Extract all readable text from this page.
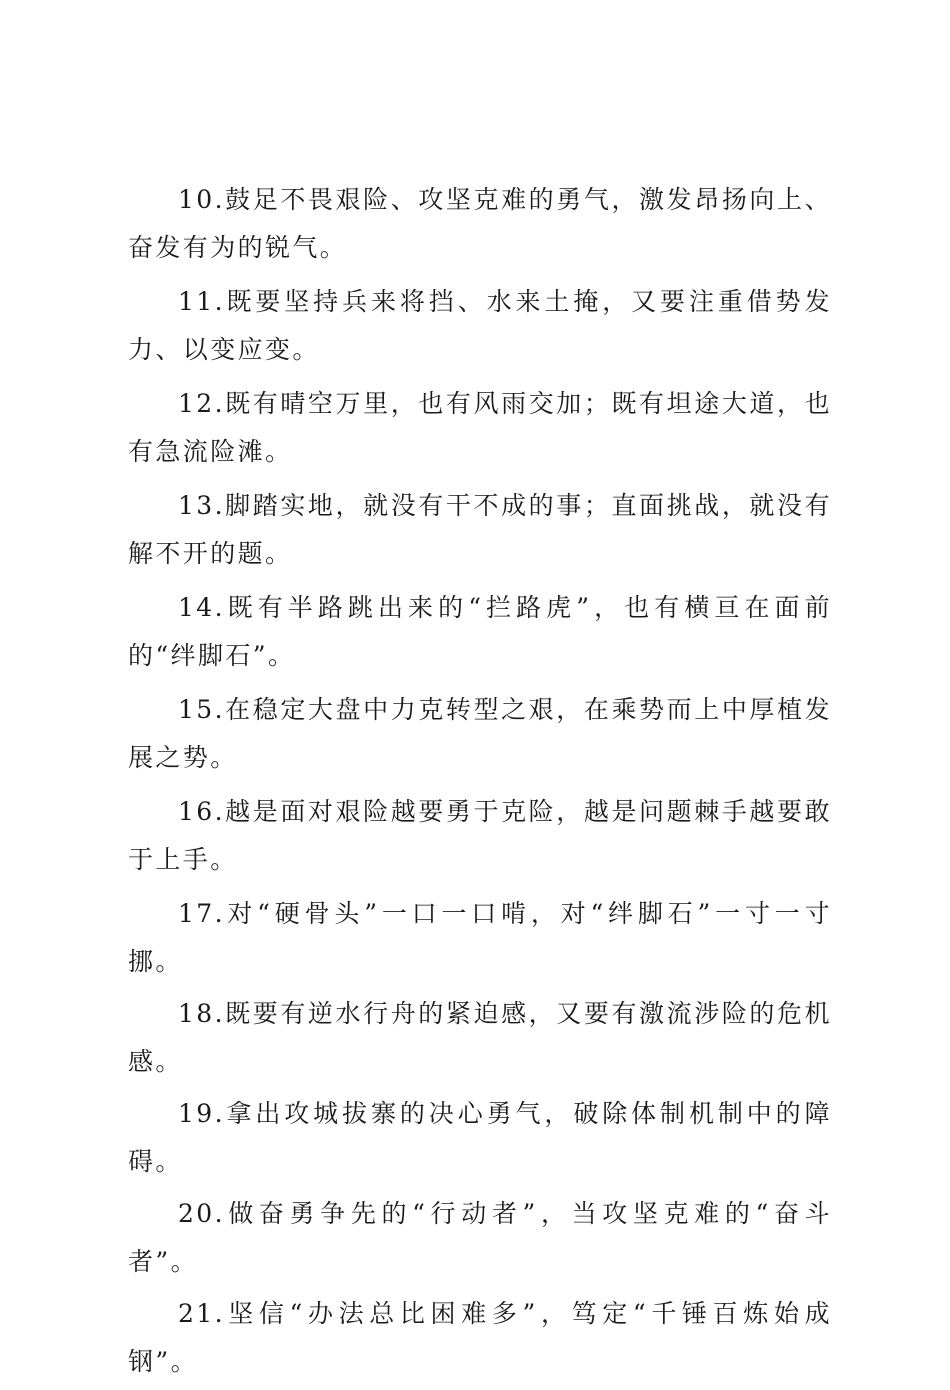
10.鼓足不畏艰险、攻坚克难的勇气，激发昂扬向上、奋发有为的锐气。

11.既要坚持兵来将挡、水来土掩，又要注重借势发力、以变应变。

12.既有晴空万里，也有风雨交加；既有坦途大道，也有急流险滩。

13.脚踏实地，就没有干不成的事；直面挑战，就没有解不开的题。

14.既有半路跳出来的“拦路虎”，也有横亘在面前的“绊脚石”。

15.在稳定大盘中力克转型之艰，在乘势而上中厚植发展之势。

16.越是面对艰险越要勇于克险，越是问题棘手越要敢于上手。

17.对“硬骨头”一口一口啃，对“绊脚石”一寸一寸挪。

18.既要有逆水行舟的紧迫感，又要有激流涉险的危机感。

19.拿出攻城拔寨的决心勇气，破除体制机制中的障碍。

20.做奋勇争先的“行动者”，当攻坚克难的“奋斗者”。

21.坚信“办法总比困难多”，笃定“千锤百炼始成钢”。
